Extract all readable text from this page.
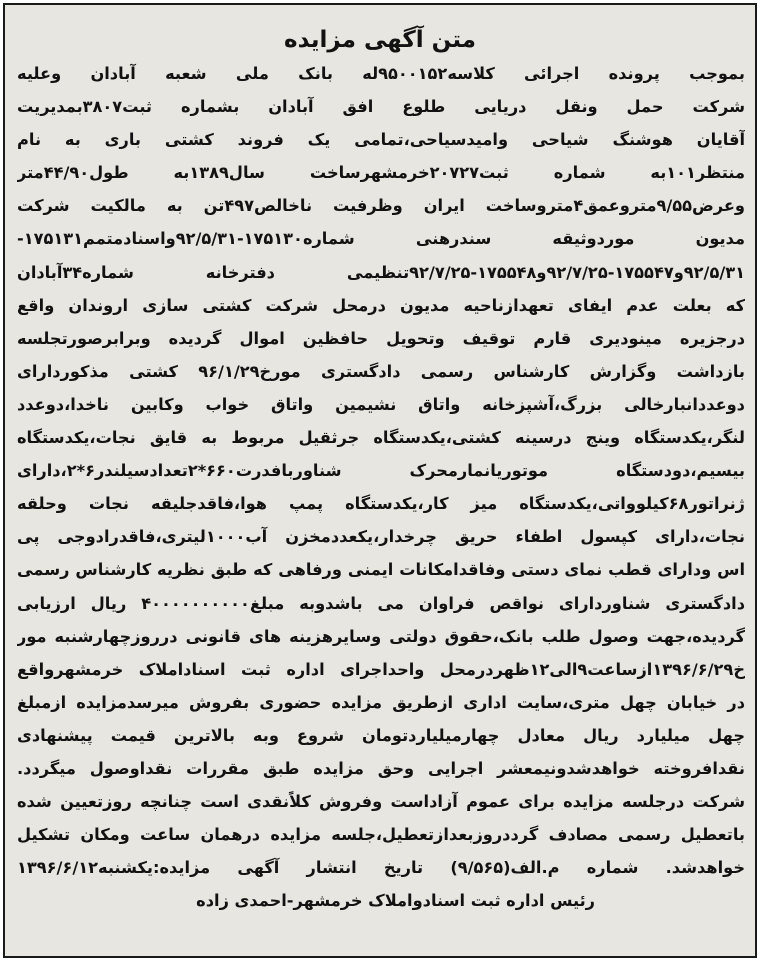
متن آگهی مزایده
بموجب پرونده اجرائی کلاسه۹۵۰۰۱۵۲له بانک ملی شعبه آبادان وعلیه
شرکت حمل ونقل دریایی طلوع افق آبادان بشماره ثبت۳۸۰۷بمدیریت
آقایان هوشنگ شیاحی وامیدسیاحی،تمامی یک فروند کشتی باری به نام
منتظر۱۰۱به شماره ثبت۲۰۷۲۷خرمشهرساخت سال۱۳۸۹به طول۴۴/۹۰متر
وعرض۹/۵۵مترو‌عمق۴متروساخت ایران وظرفیت ناخالص۴۹۷تن به مالکیت شرکت
مدیون موردوثیقه سندرهنی شماره۱۷۵۱۳۰-۹۲/۵/۳۱واسنادمتمم۱۷۵۱۳۱-
۹۲/۵/۳۱و۱۷۵۵۴۷-۹۲/۷/۲۵و۱۷۵۵۴۸-۹۲/۷/۲۵تنظیمی دفترخانه شماره۳۴آبادان
که بعلت عدم ایفای تعهدازناحیه مدیون درمحل شرکت کشتی سازی اروندان واقع
درجزیره مینودیری قارم توقیف وتحویل حافظین اموال گردیده وبرابرصورتجلسه
بازداشت وگزارش کارشناس رسمی دادگستری مورخ۹۶/۱/۲۹ کشتی مذکوردارای
دوعددانبارخالی بزرگ،آشپزخانه واتاق نشیمین واتاق خواب وکابین ناخدا،دوعدد
لنگر،یکدستگاه وینج درسینه کشتی،یکدستگاه جرثقیل مربوط به قایق نجات،یکدستگاه
بیسیم،دودستگاه موتوریانمارمحرک شناوربافدرت۶۶۰*۲تعدادسیلندر۶*۲،دارای
ژنراتور۶۸کیلوواتی،یکدستگاه میز کار،یکدستگاه پمپ هوا،فاقدجلیقه نجات وحلقه
نجات،دارای کپسول اطفاء حریق چرخدار،یکعددمخزن آب۱۰۰۰لیتری،فاقدرادوجی پی
اس ودارای قطب نمای دستی وفاقدامکانات ایمنی ورفاهی که طبق نظریه کارشناس رسمی
دادگستری شناوردارای نواقص فراوان می باشدوبه مبلغ۴۰۰۰۰۰۰۰۰۰۰ ریال ارزیابی
گردیده،جهت وصول طلب بانک،حقوق دولتی وسایرهزینه های قانونی درروزچهارشنبه مور
خ۱۳۹۶/۶/۲۹ازساعت۹الی۱۲ظهردرمحل واحداجرای اداره ثبت اسناداملاک خرمشهرواقع
در خیابان چهل متری،سایت اداری ازطریق مزایده حضوری بفروش میرسدمزایده ازمبلغ
چهل میلیارد ریال معادل چهارمیلیاردتومان شروع وبه بالاترین قیمت پیشنهادی
نقدافروخته خواهدشدونیمعشر اجرایی وحق مزایده طبق مقررات نقداوصول میگردد.
شرکت درجلسه مزایده برای عموم آزاداست وفروش کلاًنقدی است چنانچه روزتعیین شده
باتعطیل رسمی مصادف گرددروزبعدازتعطیل،جلسه مزایده درهمان ساعت ومکان تشکیل
خواهدشد. شماره م.الف(۹/۵۶۵) تاریخ انتشار آگهی مزایده:یکشنبه۱۳۹۶/۶/۱۲
رئیس اداره ثبت اسنادواملاک خرمشهر-احمدی زاده
